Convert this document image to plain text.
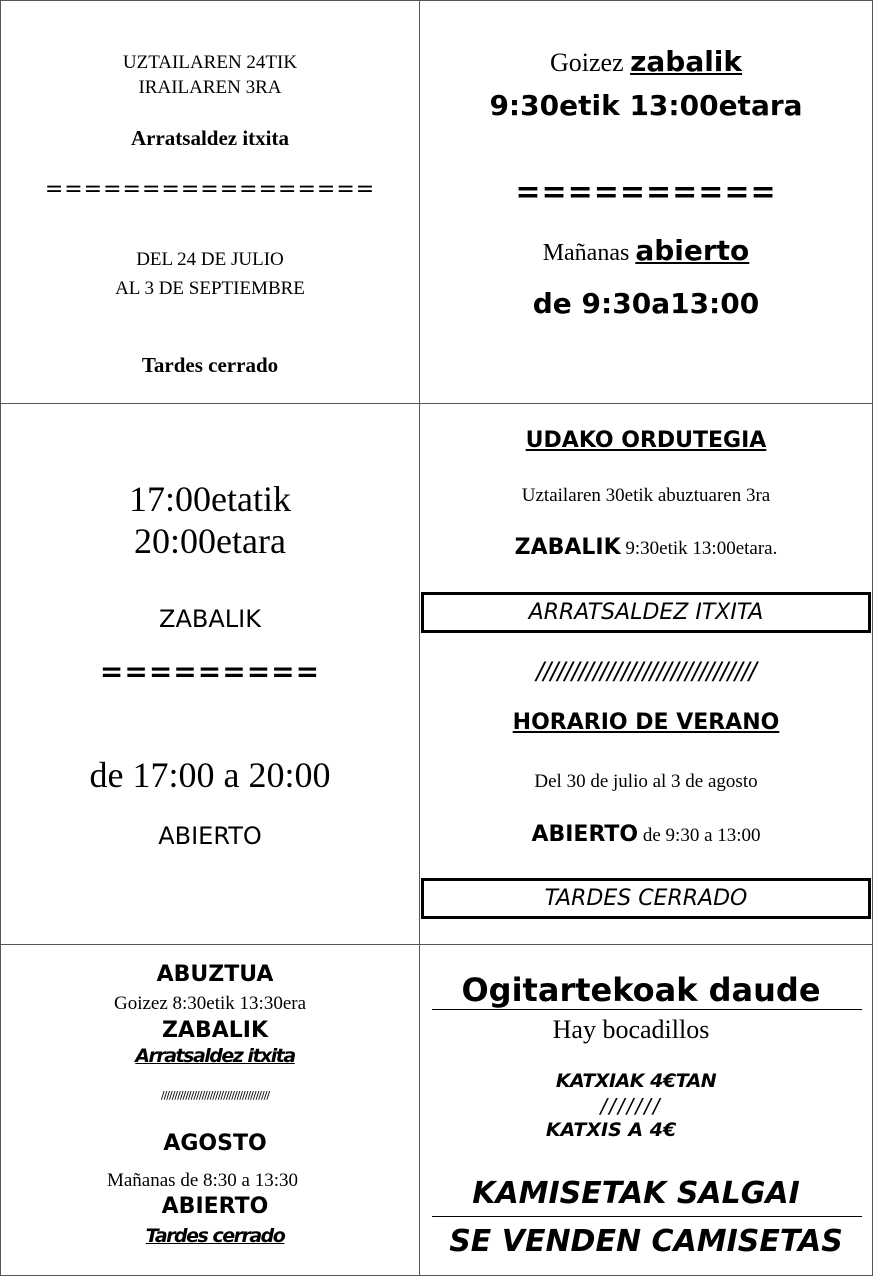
UZTAILAREN 24TIK

IRAILAREN 3RA

Arratsaldez itxita

=================

DEL 24 DE JULIO

AL 3 DE SEPTIEMBRE

Tardes cerrado

Goizez zabalik

9:30etik 13:00etara

==========

Mañanas abierto

de 9:30a13:00

17:00etatik

20:00etara

ZABALIK

=========

de 17:00 a 20:00

ABIERTO

UDAKO ORDUTEGIA

Uztailaren 30etik abuztuaren 3ra

ZABALIK 9:30etik 13:00etara.

ARRATSALDEZ ITXITA

///////////////////////////////

HORARIO DE VERANO

Del 30 de julio al 3 de agosto

ABIERTO de 9:30 a 13:00

TARDES CERRADO

ABUZTUA

Goizez 8:30etik 13:30era

ZABALIK

Arratsaldez itxita

////////////////////////////////////////

AGOSTO

Mañanas de 8:30 a 13:30

ABIERTO

Tardes cerrado

Ogitartekoak daude

Hay bocadillos

KATXIAK 4€TAN

///////

KATXIS A 4€

KAMISETAK SALGAI

SE VENDEN CAMISETAS
